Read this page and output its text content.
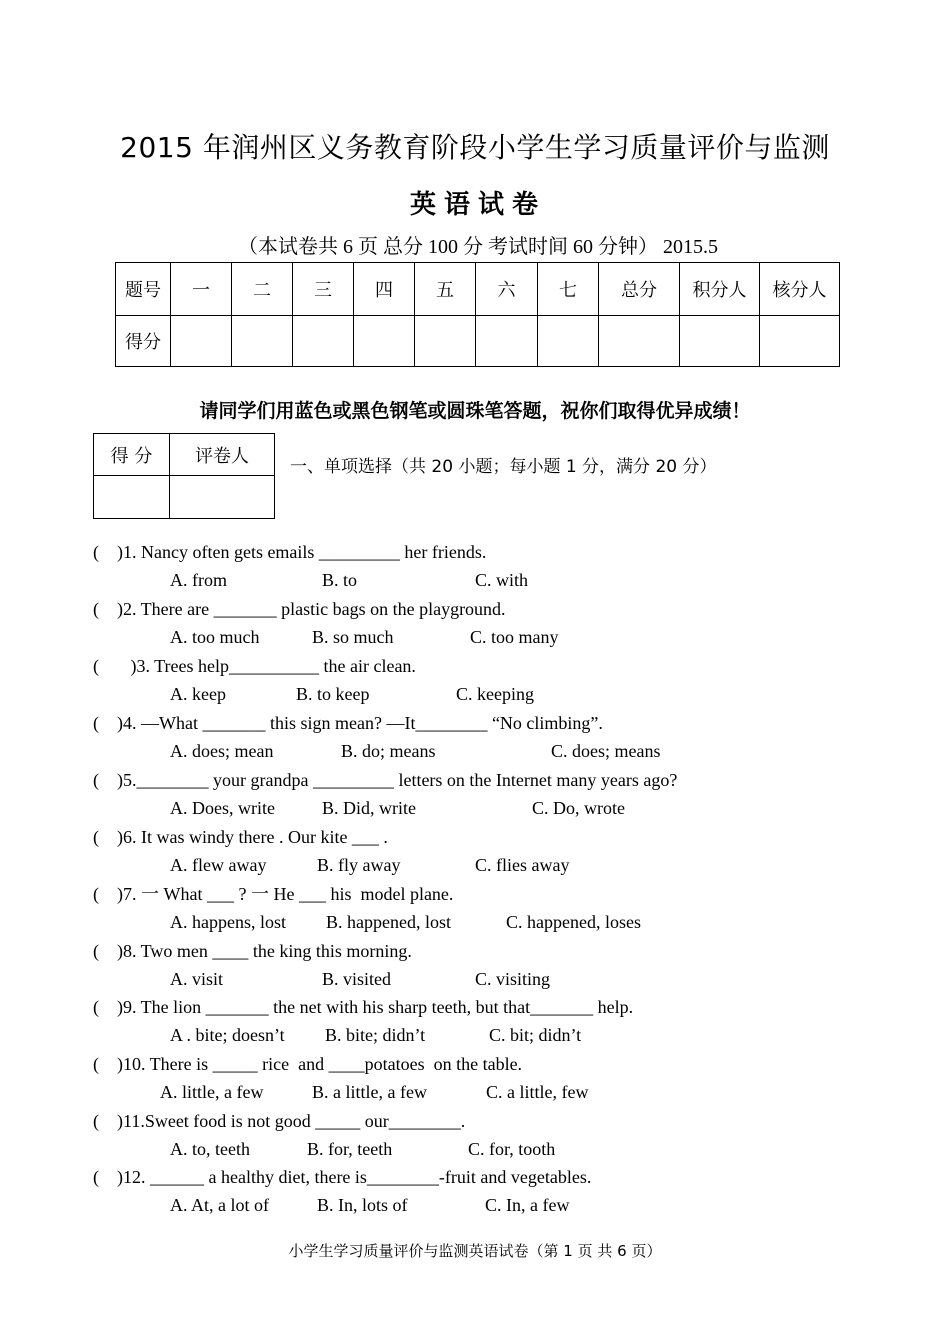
2015 年润州区义务教育阶段小学生学习质量评价与监测
英语试卷
（本试卷共 6 页 总分 100 分 考试时间 60 分钟） 2015.5
题号	一	二	三	四	五	六	七	总分	积分人	核分人
得分										
请同学们用蓝色或黑色钢笔或圆珠笔答题，祝你们取得优异成绩！
得 分	评卷人

一、单项选择（共 20 小题；每小题 1 分，满分 20 分）
(    )1. Nancy often gets emails _________ her friends.
A. from	B. to	C. with
(    )2. There are _______ plastic bags on the playground.
A. too much	B. so much	C. too many
(       )3. Trees help__________ the air clean.
A. keep	B. to keep	C. keeping
(    )4. —What _______ this sign mean? —It________ “No climbing”.
A. does; mean	B. do; means	C. does; means
(    )5.________ your grandpa _________ letters on the Internet many years ago?
A. Does, write	B. Did, write	C. Do, wrote
(    )6. It was windy there . Our kite ___ .
A. flew away	B. fly away	C. flies away
(    )7. 一 What ___ ? 一 He ___ his  model plane.
A. happens, lost B. happened, lost	C. happened, loses
(    )8. Two men ____ the king this morning.
A. visit	B. visited	C. visiting
(    )9. The lion _______ the net with his sharp teeth, but that_______ help.
A . bite; doesn’t B. bite; didn’t	C. bit; didn’t
(    )10. There is _____ rice  and ____potatoes  on the table.
A. little, a few	B. a little, a few	C. a little, few
(    )11.Sweet food is not good _____ our________.
A. to, teeth	B. for, teeth	C. for, tooth
(    )12. ______ a healthy diet, there is________-fruit and vegetables.
A. At, a lot of	B. In, lots of	C. In, a few
小学生学习质量评价与监测英语试卷（第 1 页 共 6 页）
